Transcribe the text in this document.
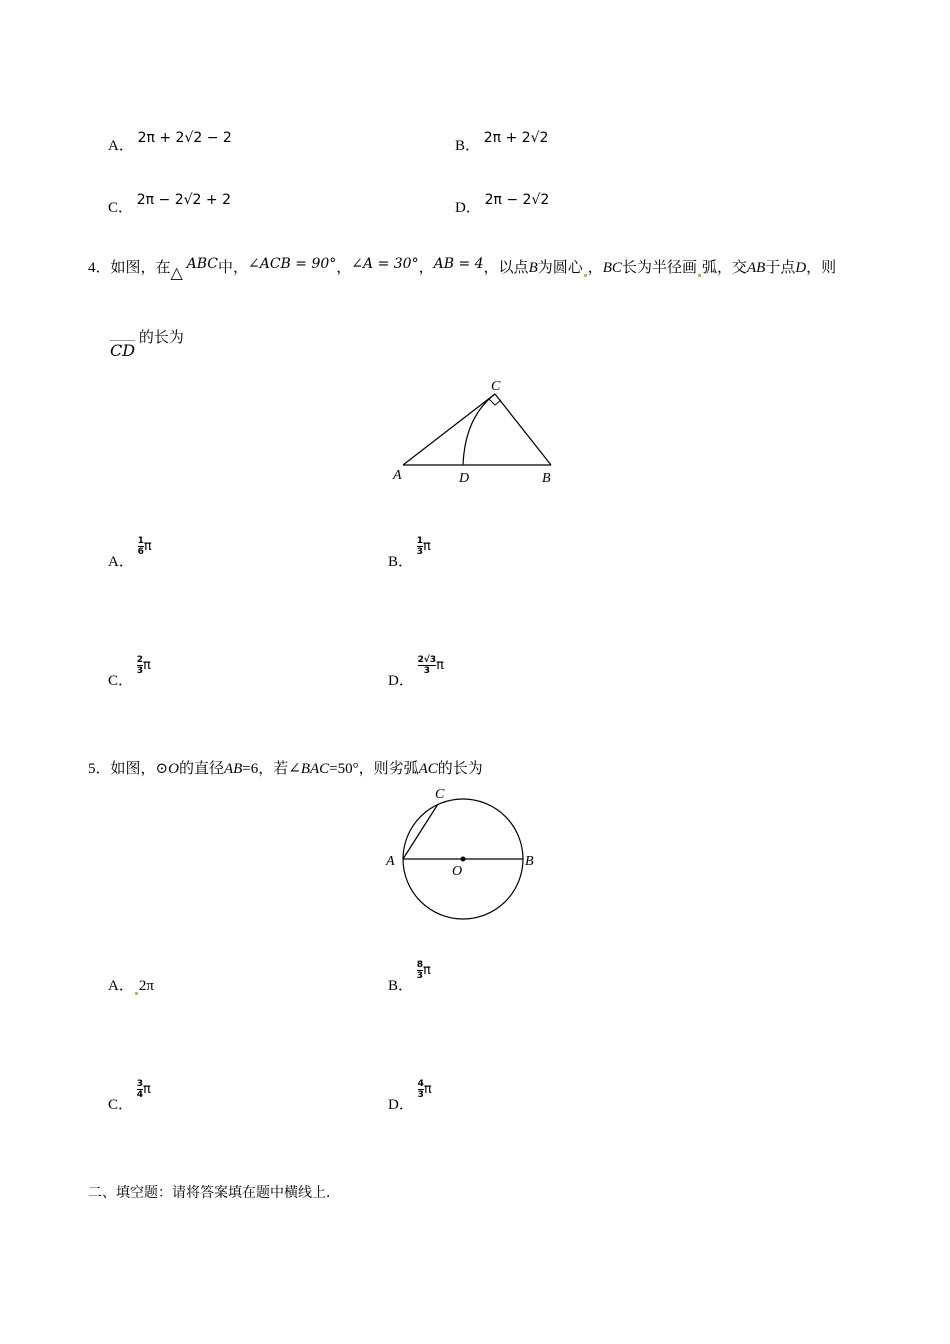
A． 2π + 2√2 − 2	B． 2π + 2√2
C． 2π − 2√2 + 2	D． 2π − 2√2
4．如图，在△ ABC中，∠ACB = 90°，∠A = 30°，AB = 4，以点B为圆心 ，BC长为半径画 弧，交AB于点D，则
CD 的长为
C
A	D	B
A．
$\frac{1}{6}$ π
B．
$\frac{1}{3}$ π
C．
$\frac{2}{3}$ π
D．
$\frac{2√3}{3}$ π
5．如图，⊙O的直径AB=6，若∠BAC=50°，则劣弧AC的长为
C
A
O
B
A． 2π	B．
$\frac{8}{3}$ π
C．
$\frac{3}{4}$ π
D．
$\frac{4}{3}$ π
二、填空题：请将答案填在题中横线上．
